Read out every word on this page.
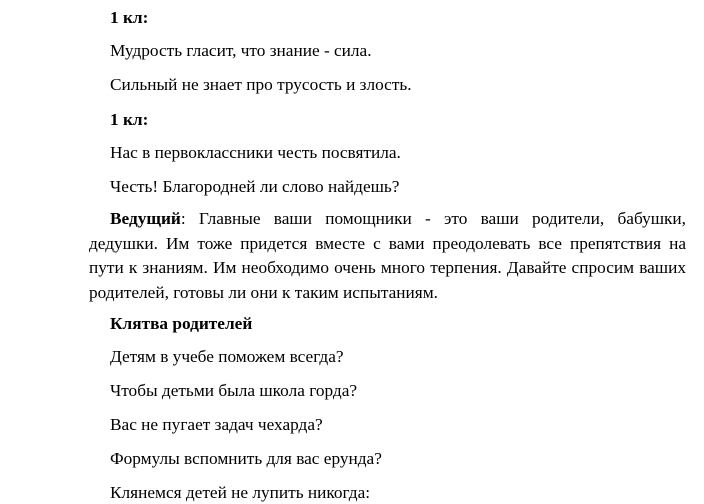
1 кл:
Мудрость гласит, что знание - сила.
Сильный не знает про трусость и злость.
1 кл:
Нас в первоклассники честь посвятила.
Честь! Благородней ли слово найдешь?
Ведущий: Главные ваши помощники - это ваши родители, бабушки, дедушки. Им тоже придется вместе с вами преодолевать все препятствия на пути к знаниям. Им необходимо очень много терпения. Давайте спросим ваших родителей, готовы ли они к таким испытаниям.
Клятва родителей
Детям в учебе поможем всегда?
Чтобы детьми была школа горда?
Вас не пугает задач чехарда?
Формулы вспомнить для вас ерунда?
Клянемся детей не лупить никогда:
